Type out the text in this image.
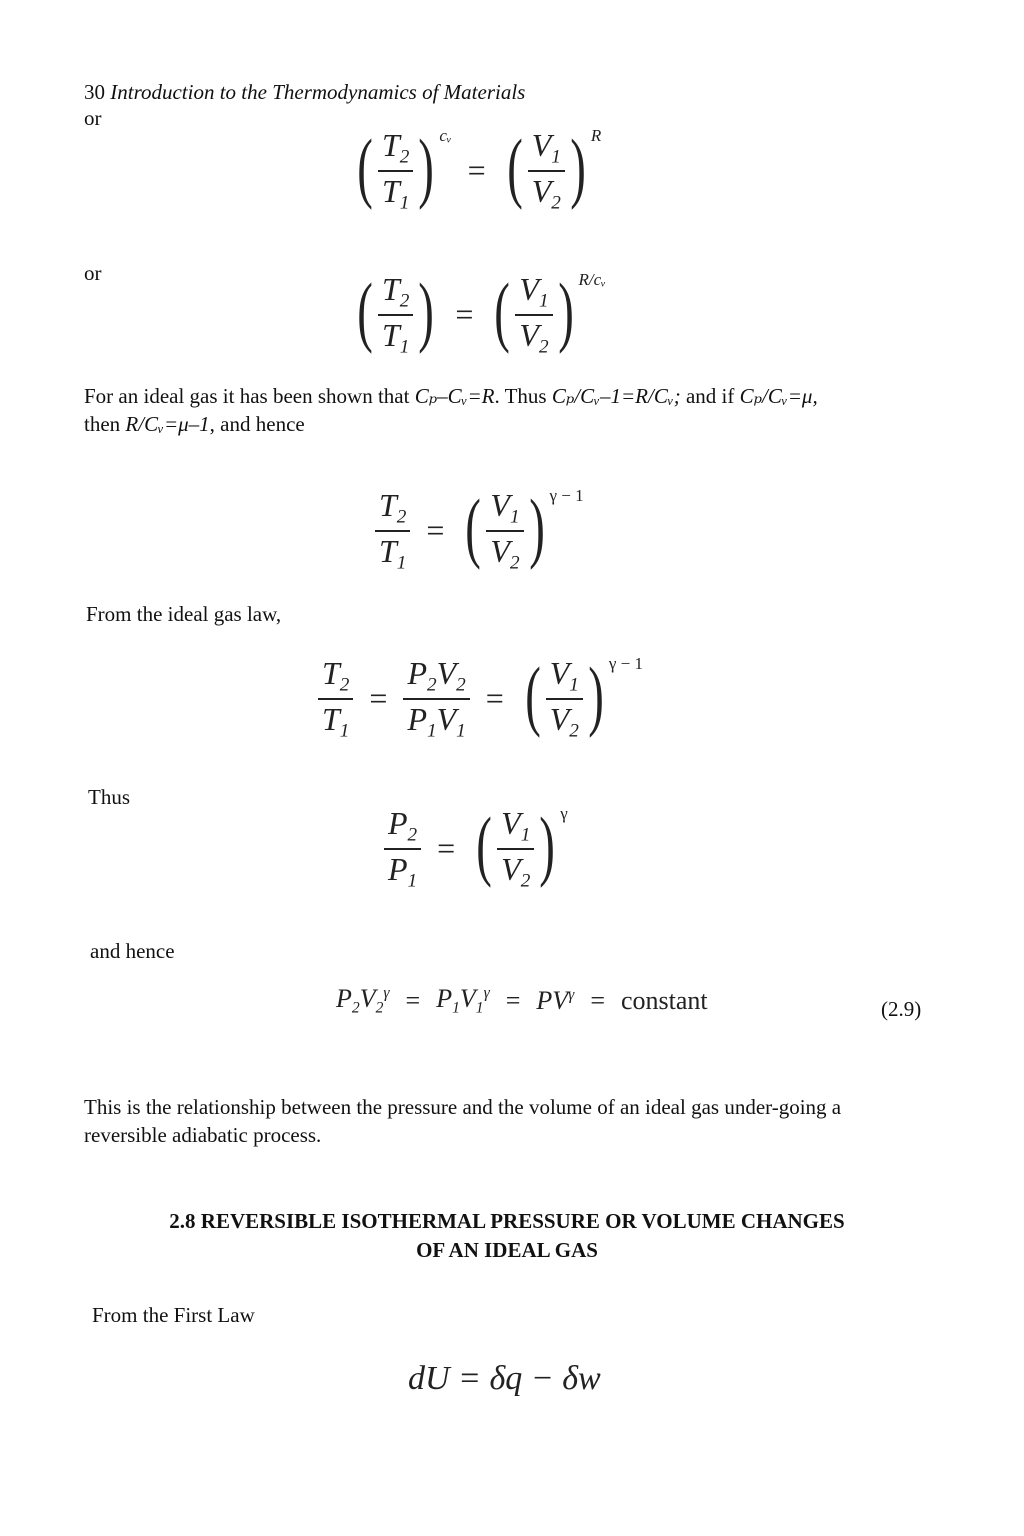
30 Introduction to the Thermodynamics of Materials
or
( $\frac{T_2}{T_1}$ ) cᵥ
= ( $\frac{V_1}{V_2}$ ) R
or	( $\frac{T_2}{T_1}$ ) = ( $\frac{V_1}{V_2}$ ) R/cᵥ
For an ideal gas it has been shown that Cₚ–Cᵥ=R. Thus Cₚ/Cᵥ–1=R/Cᵥ; and if Cₚ/Cᵥ=μ,
then R/Cᵥ=μ–1, and hence
$\frac{T_2}{T_1}$ = ( $\frac{V_1}{V_2}$ ) γ − 1
From the ideal gas law,
$\frac{T_2}{T_1} = \frac{P_2V_2}{P_1V_1}$ = ( $\frac{V_1}{V_2}$ ) γ − 1
Thus
$\frac{P_2}{P_1}$ = ( $\frac{V_1}{V_2}$ ) γ
and hence
$P_2V_2^\gamma = P_1V_1^\gamma = PV^\gamma$ = constant	(2.9)
This is the relationship between the pressure and the volume of an ideal gas under-going a reversible adiabatic process.
2.8 REVERSIBLE ISOTHERMAL PRESSURE OR VOLUME CHANGES
OF AN IDEAL GAS
From the First Law
dU = δq − δw
